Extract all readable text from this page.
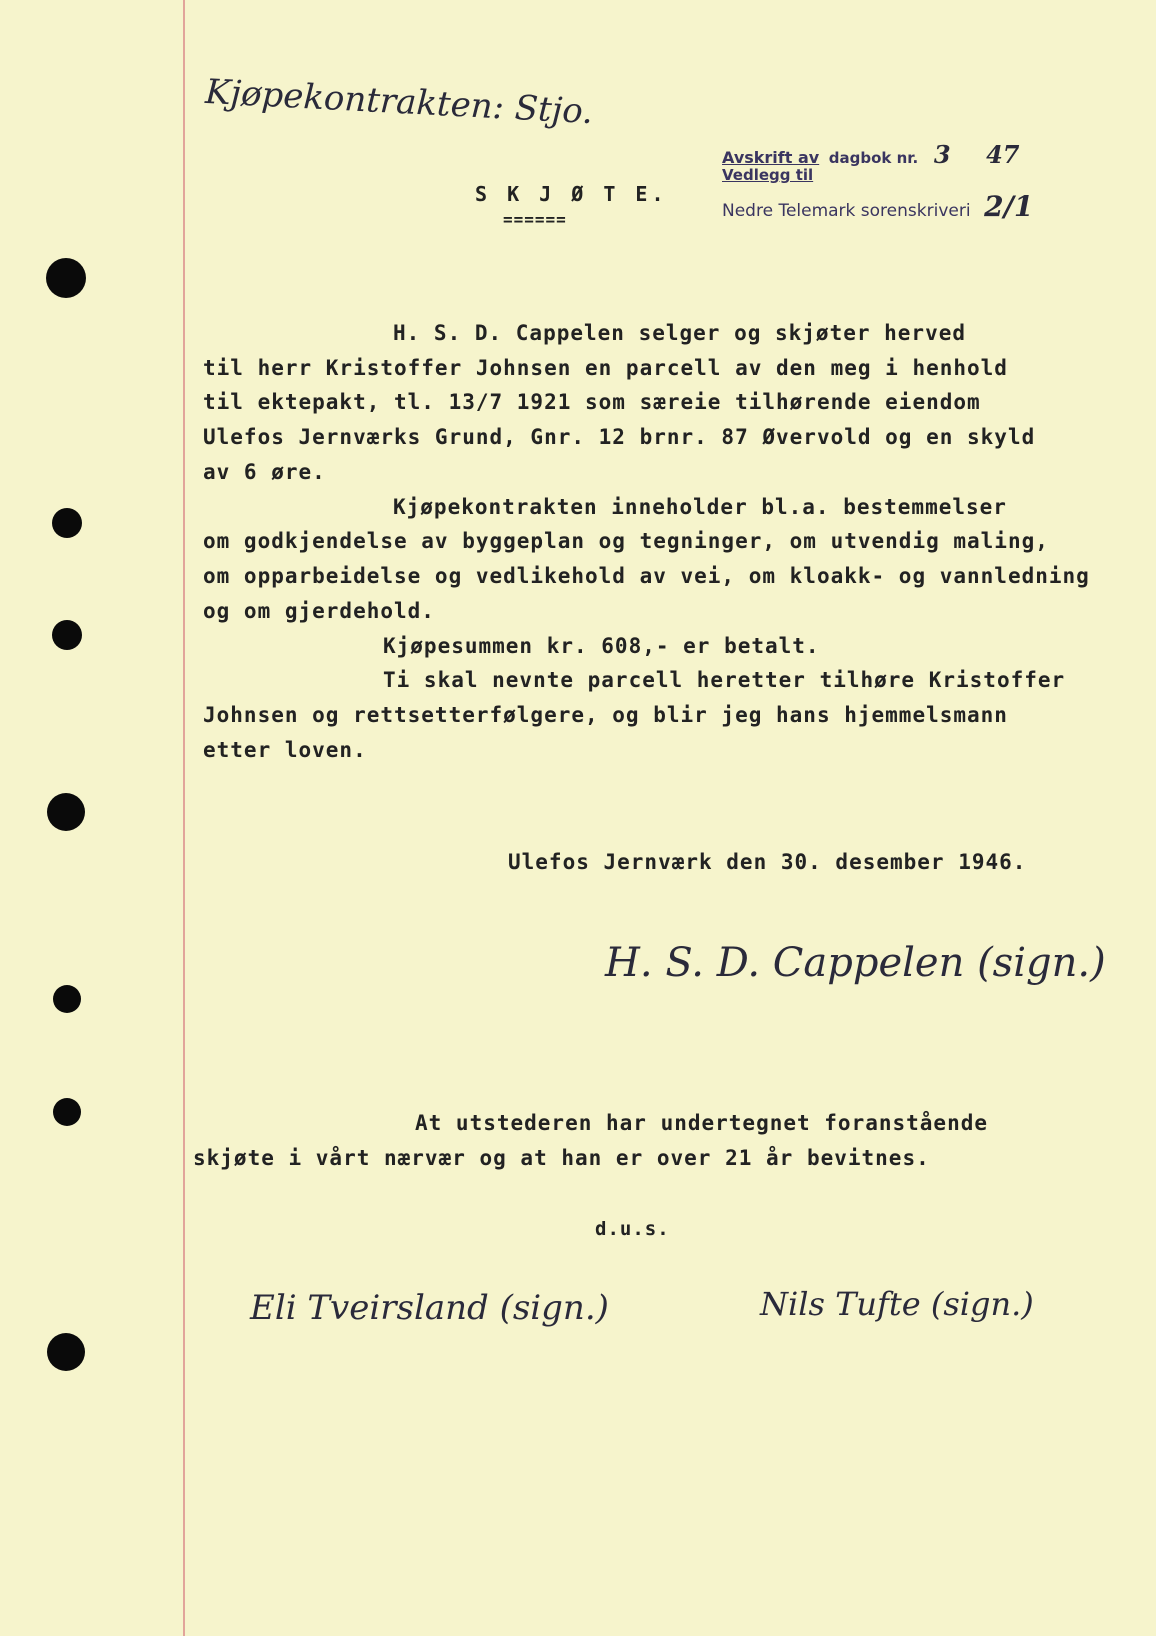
Kjøpekontrakten: Stjo.
Avskrift av dagbok nr. 3 47
Vedlegg til
Nedre Telemark sorenskriveri 2/1
S K J Ø T E.
======
H. S. D. Cappelen selger og skjøter herved
til herr Kristoffer Johnsen en parcell av den meg i henhold
til ektepakt, tl. 13/7 1921 som særeie tilhørende eiendom
Ulefos Jernværks Grund, Gnr. 12 brnr. 87 Øvervold og en skyld
av 6 øre.
Kjøpekontrakten inneholder bl.a. bestemmelser
om godkjendelse av byggeplan og tegninger, om utvendig maling,
om opparbeidelse og vedlikehold av vei, om kloakk- og vannledning
og om gjerdehold.
Kjøpesummen kr. 608,- er betalt.
Ti skal nevnte parcell heretter tilhøre Kristoffer
Johnsen og rettsetterfølgere, og blir jeg hans hjemmelsmann
etter loven.
Ulefos Jernværk den 30. desember 1946.
H. S. D. Cappelen (sign.)
At utstederen har undertegnet foranstående
skjøte i vårt nærvær og at han er over 21 år bevitnes.
d.u.s.
Eli Tveirsland (sign.)	Nils Tufte (sign.)
